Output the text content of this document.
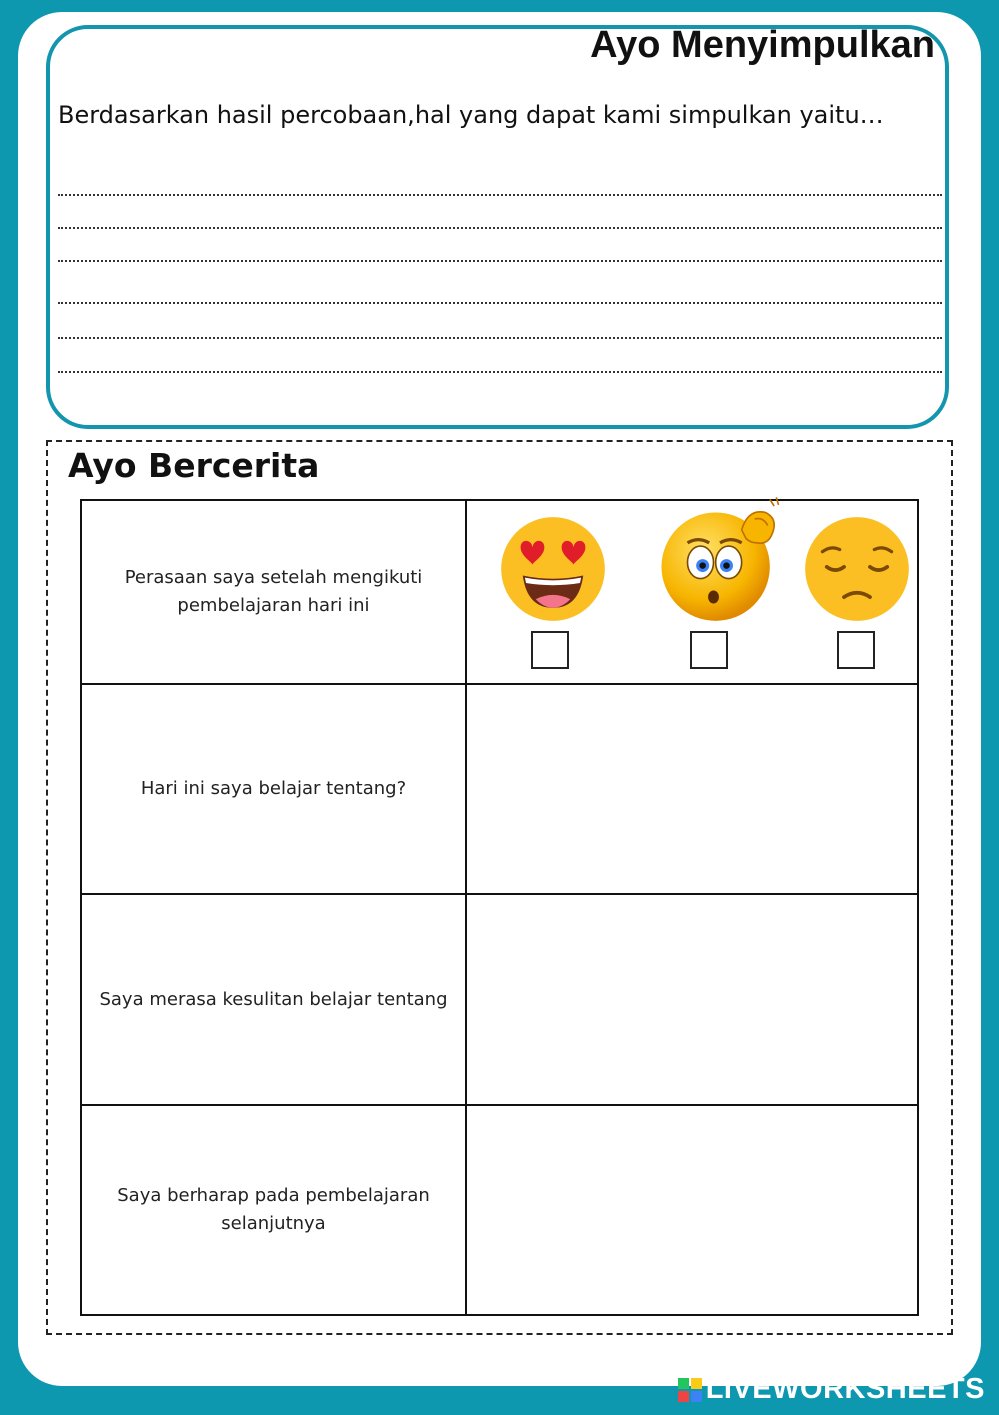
Ayo Menyimpulkan

Berdasarkan hasil percobaan,hal yang dapat kami simpulkan yaitu…

Ayo Bercerita
Perasaan saya setelah mengikuti pembelajaran hari ini	

Hari ini saya belajar tentang?	
Saya merasa kesulitan belajar tentang	
Saya berharap pada pembelajaran selanjutnya	
LIVEWORKSHEETS
